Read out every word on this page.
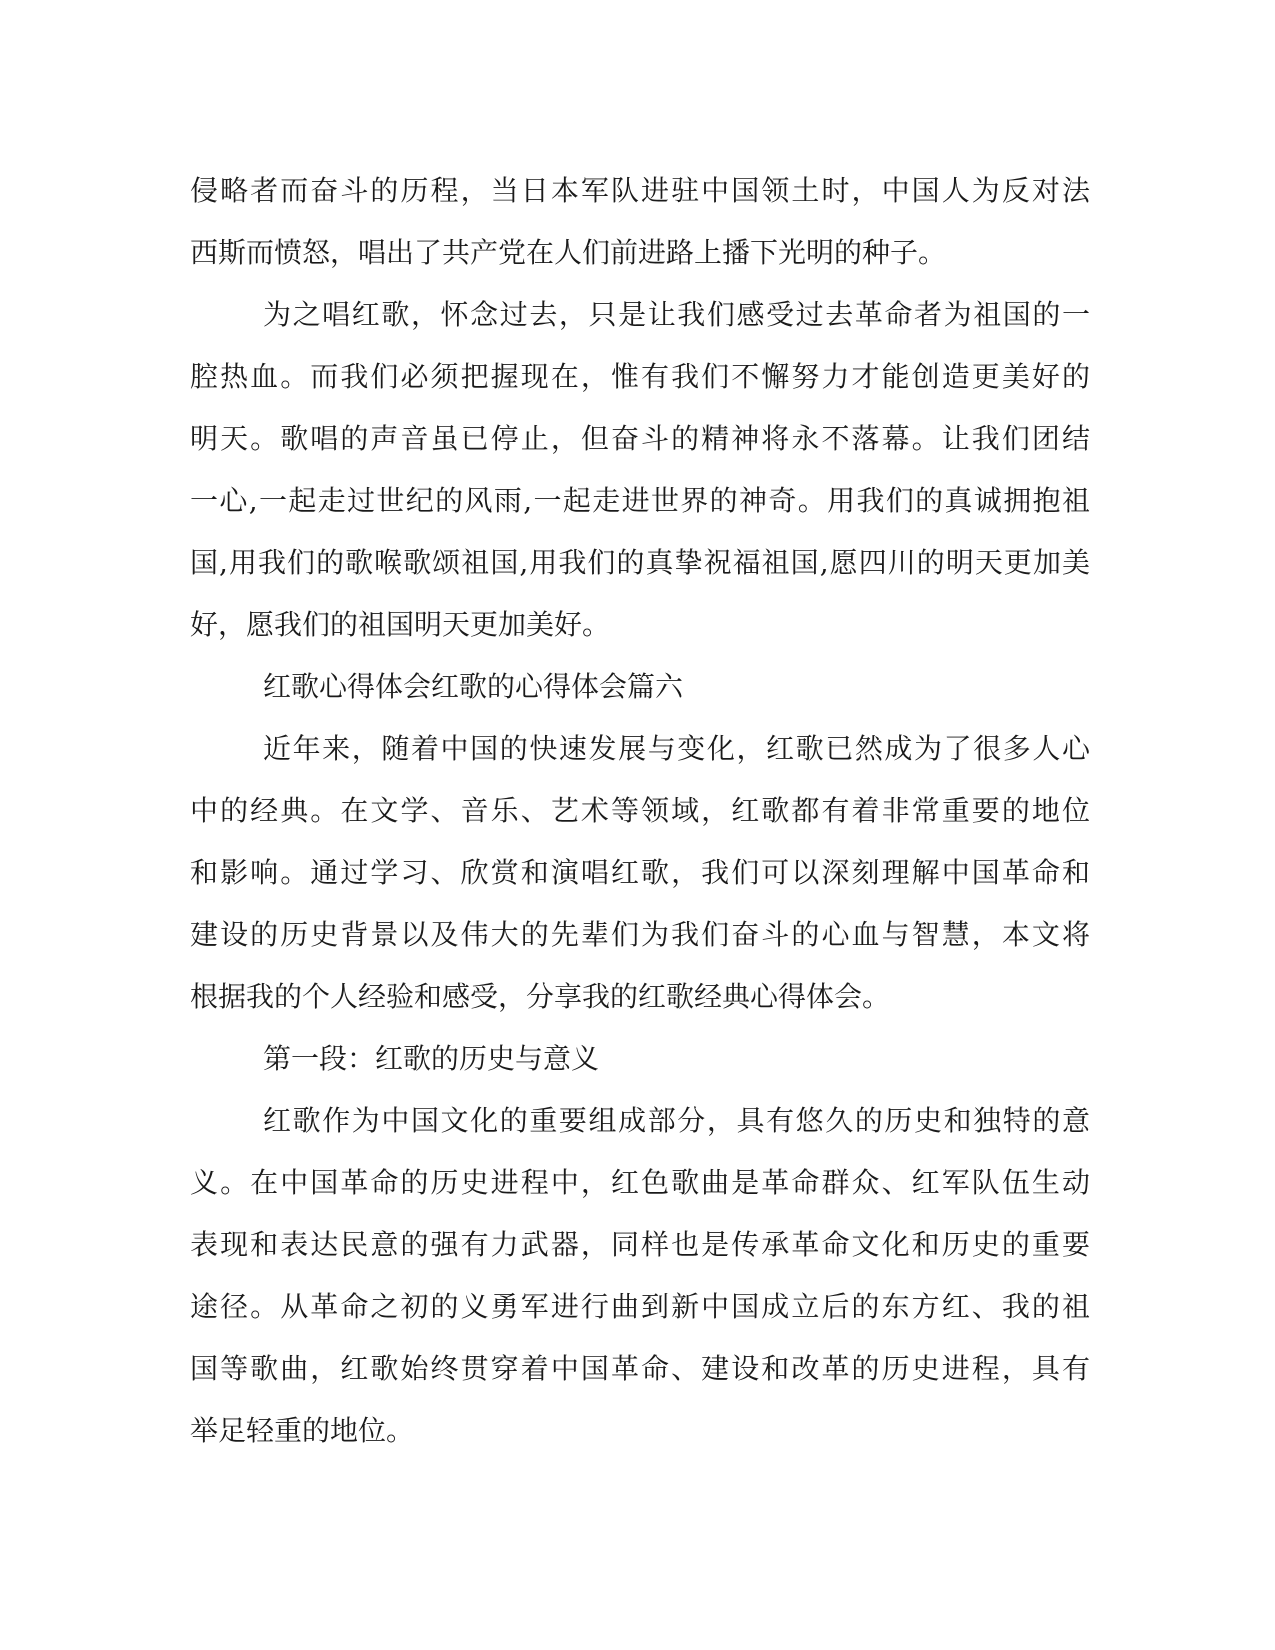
侵略者而奋斗的历程，当日本军队进驻中国领土时，中国人为反对法
西斯而愤怒，唱出了共产党在人们前进路上播下光明的种子。
为之唱红歌，怀念过去，只是让我们感受过去革命者为祖国的一
腔热血。而我们必须把握现在，惟有我们不懈努力才能创造更美好的
明天。歌唱的声音虽已停止，但奋斗的精神将永不落幕。让我们团结
一心,一起走过世纪的风雨,一起走进世界的神奇。用我们的真诚拥抱祖
国,用我们的歌喉歌颂祖国,用我们的真挚祝福祖国,愿四川的明天更加美
好，愿我们的祖国明天更加美好。
红歌心得体会红歌的心得体会篇六
近年来，随着中国的快速发展与变化，红歌已然成为了很多人心
中的经典。在文学、音乐、艺术等领域，红歌都有着非常重要的地位
和影响。通过学习、欣赏和演唱红歌，我们可以深刻理解中国革命和
建设的历史背景以及伟大的先辈们为我们奋斗的心血与智慧，本文将
根据我的个人经验和感受，分享我的红歌经典心得体会。
第一段：红歌的历史与意义
红歌作为中国文化的重要组成部分，具有悠久的历史和独特的意
义。在中国革命的历史进程中，红色歌曲是革命群众、红军队伍生动
表现和表达民意的强有力武器，同样也是传承革命文化和历史的重要
途径。从革命之初的义勇军进行曲到新中国成立后的东方红、我的祖
国等歌曲，红歌始终贯穿着中国革命、建设和改革的历史进程，具有
举足轻重的地位。
